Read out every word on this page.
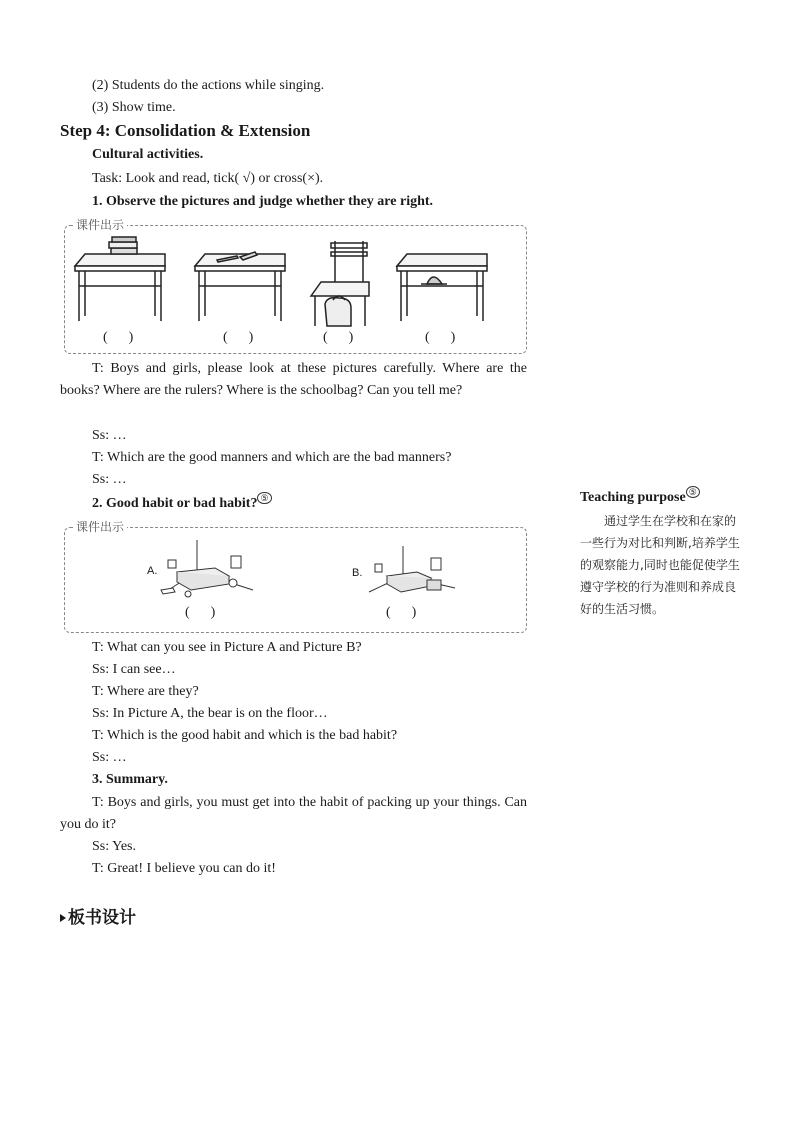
(2) Students do the actions while singing.
(3) Show time.
Step 4: Consolidation & Extension
Cultural activities.
Task: Look and read, tick( √) or cross(×).
1. Observe the pictures and judge whether they are right.
课件出示
(      )	(      )	(      )	(      )
T: Boys and girls, please look at these pictures carefully. Where are the books? Where are the rulers? Where is the schoolbag? Can you tell me?
Ss: …
T: Which are the good manners and which are the bad manners?
Ss: …
2. Good habit or bad habit? ⑤
课件出示
A.	B.
(      )	(      )
T: What can you see in Picture A and Picture B?
Ss: I can see…
T: Where are they?
Ss: In Picture A, the bear is on the floor…
T: Which is the good habit and which is the bad habit?
Ss: …
3. Summary.
T: Boys and girls, you must get into the habit of packing up your things. Can you do it?
Ss: Yes.
T: Great! I believe you can do it!
Teaching purpose ⑤
通过学生在学校和在家的一些行为对比和判断,培养学生的观察能力,同时也能促使学生遵守学校的行为准则和养成良好的生活习惯。
板书设计
